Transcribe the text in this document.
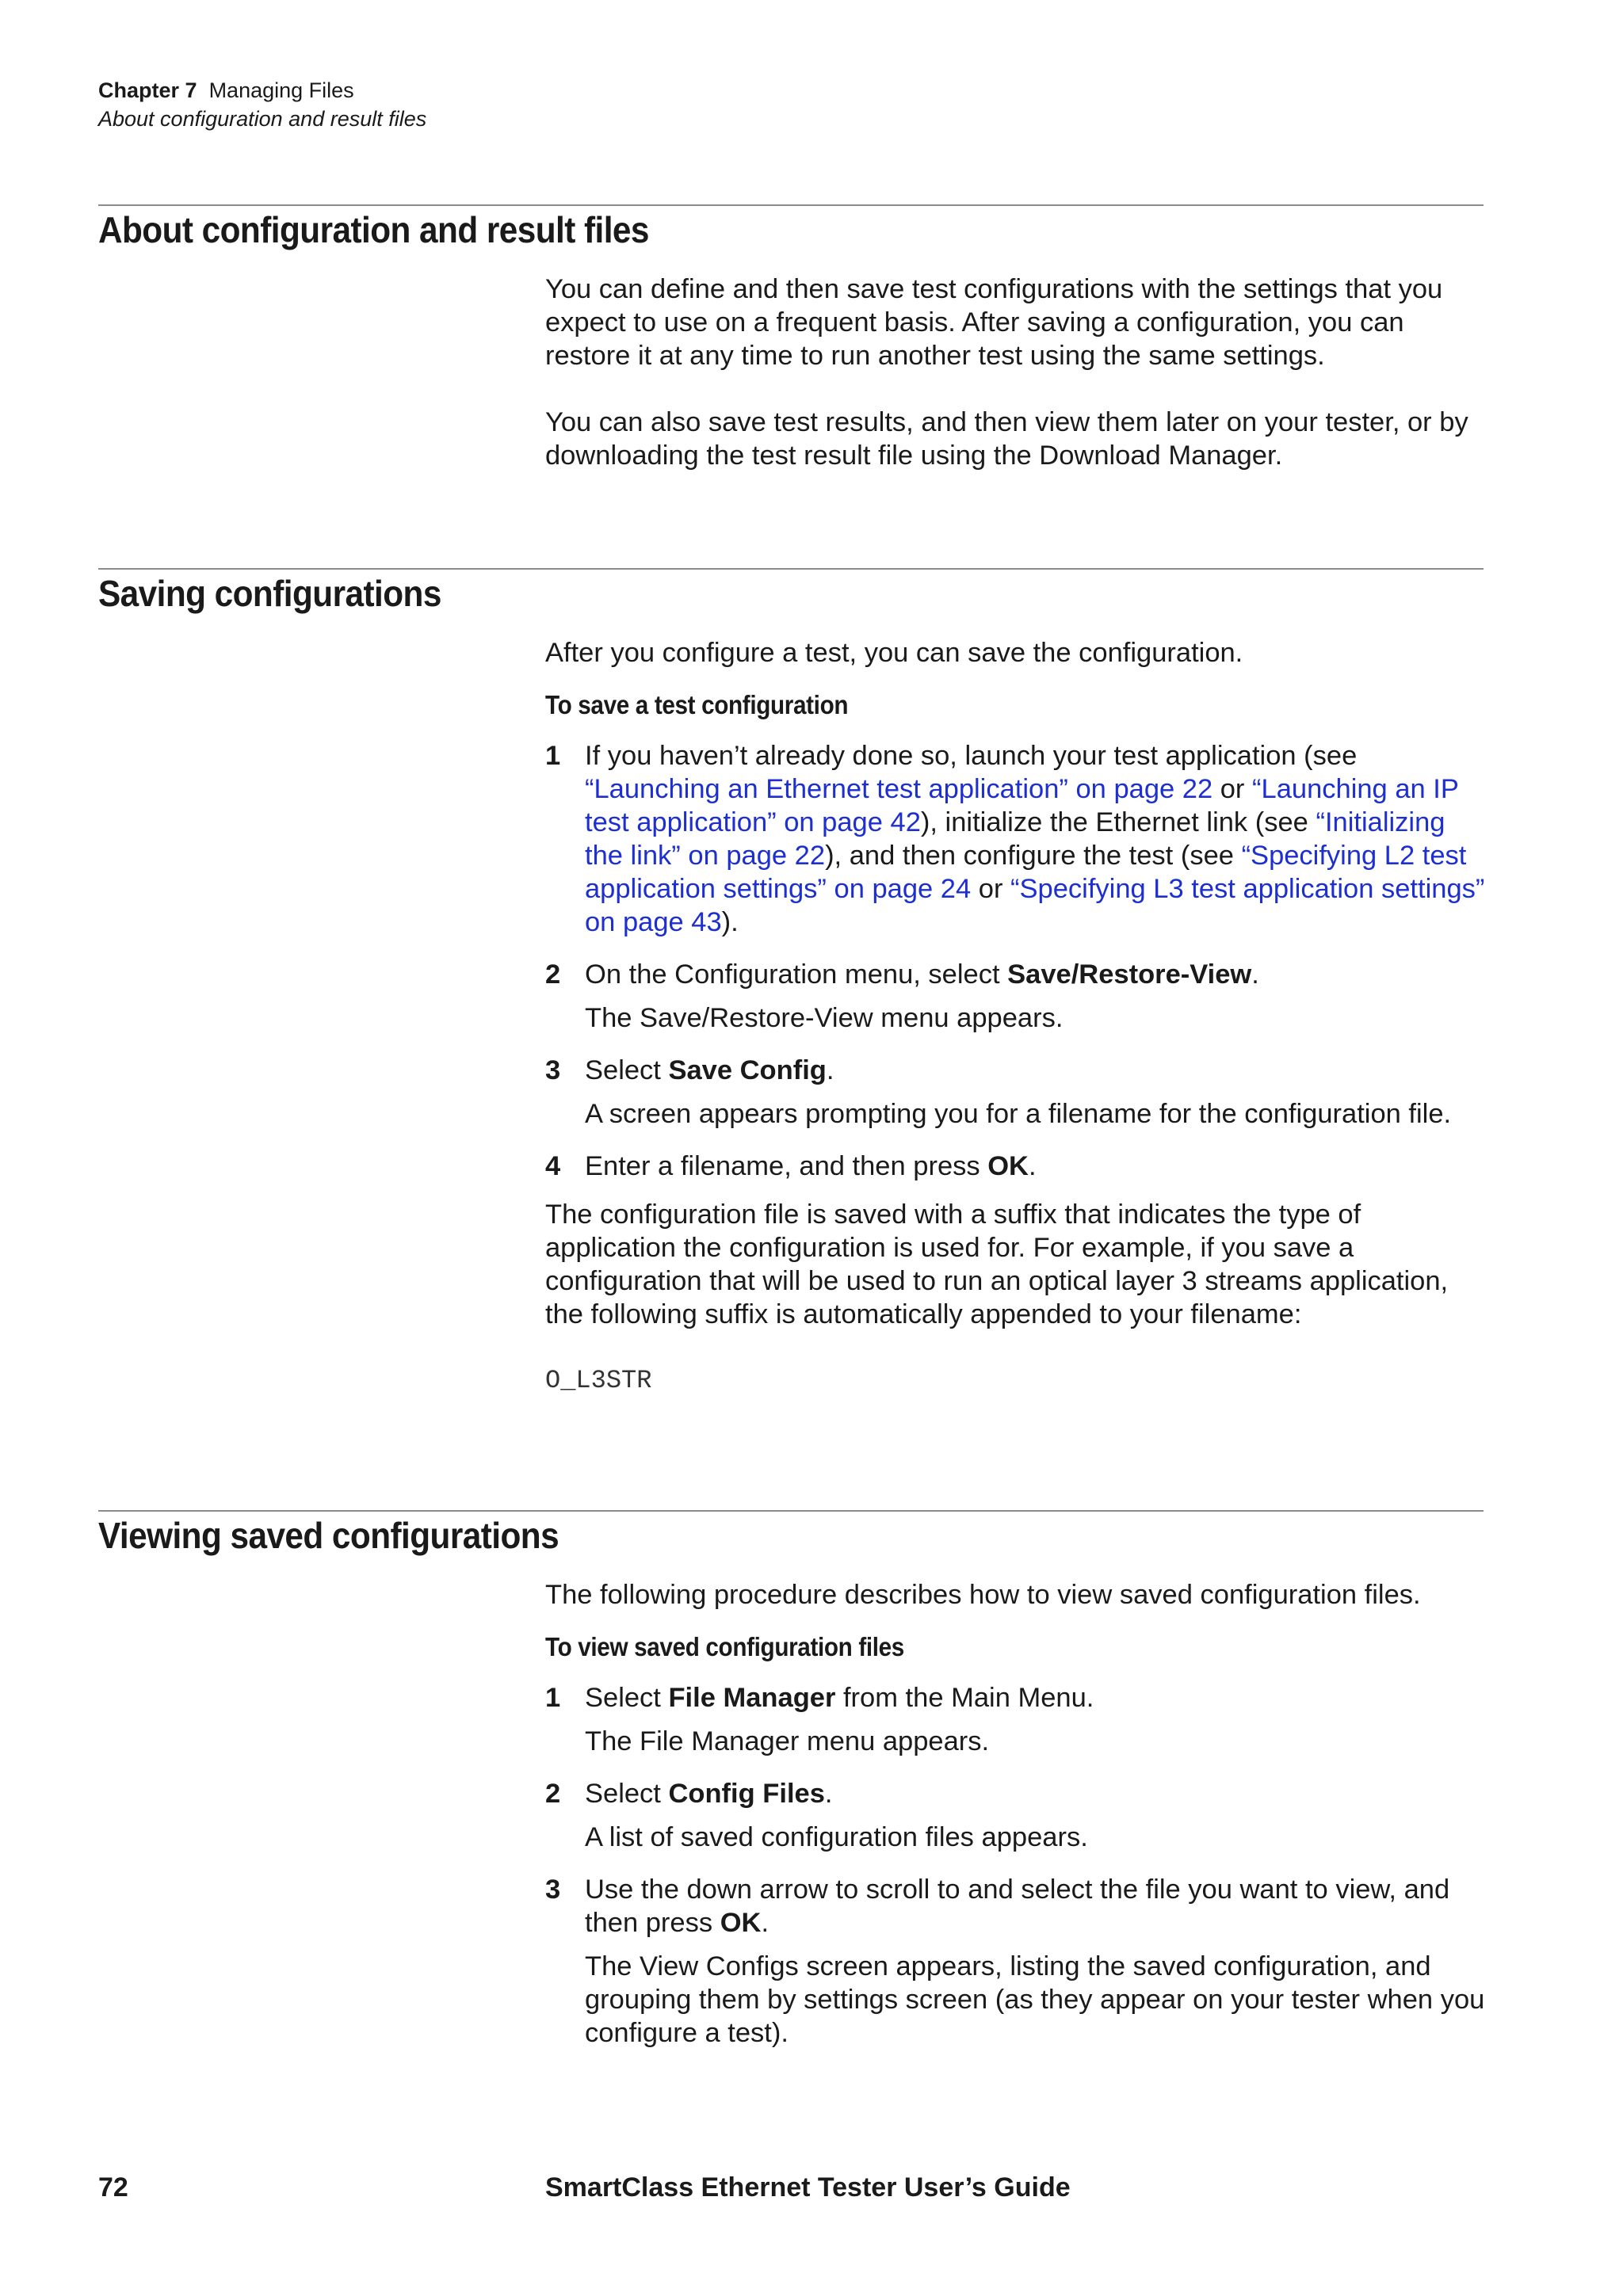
Chapter 7 Managing Files
About configuration and result files
About configuration and result files

You can define and then save test configurations with the settings that you expect to use on a frequent basis. After saving a configuration, you can restore it at any time to run another test using the same settings.

You can also save test results, and then view them later on your tester, or by downloading the test result file using the Download Manager.

Saving configurations

After you configure a test, you can save the configuration.

To save a test configuration

1 If you haven’t already done so, launch your test application (see “Launching an Ethernet test application” on page 22 or “Launching an IP test application” on page 42), initialize the Ethernet link (see “Initializing the link” on page 22), and then configure the test (see “Specifying L2 test application settings” on page 24 or “Specifying L3 test application settings” on page 43).

2 On the Configuration menu, select Save/Restore-View.

The Save/Restore-View menu appears.

3 Select Save Config.

A screen appears prompting you for a filename for the configuration file.

4 Enter a filename, and then press OK.

The configuration file is saved with a suffix that indicates the type of application the configuration is used for. For example, if you save a configuration that will be used to run an optical layer 3 streams application, the following suffix is automatically appended to your filename:

O_L3STR

Viewing saved configurations

The following procedure describes how to view saved configuration files.

To view saved configuration files

1 Select File Manager from the Main Menu.

The File Manager menu appears.

2 Select Config Files.

A list of saved configuration files appears.

3 Use the down arrow to scroll to and select the file you want to view, and then press OK.

The View Configs screen appears, listing the saved configuration, and grouping them by settings screen (as they appear on your tester when you configure a test).

72	SmartClass Ethernet Tester User’s Guide
